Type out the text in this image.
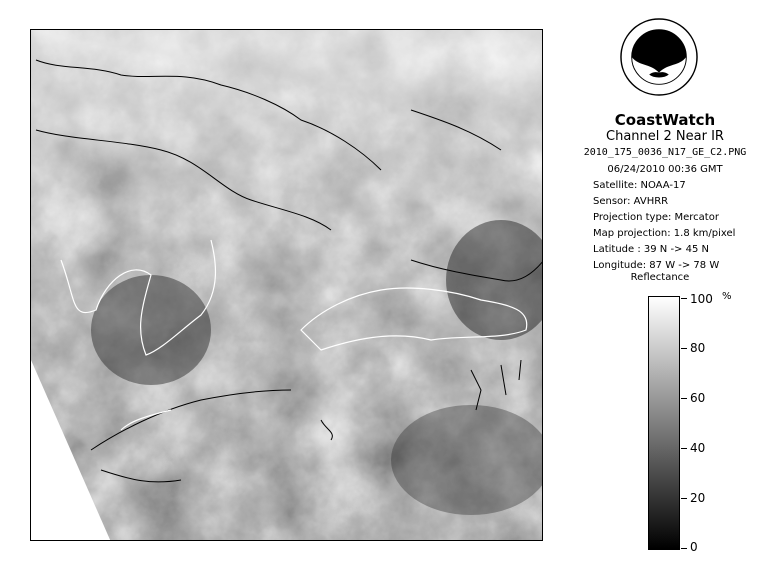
CoastWatch
Channel 2 Near IR
2010_175_0036_N17_GE_C2.PNG
06/24/2010 00:36 GMT
Satellite: NOAA-17
Sensor: AVHRR
Projection type: Mercator
Map projection: 1.8 km/pixel
Latitude : 39 N -> 45 N
Longitude: 87 W -> 78 W
Reflectance
%
100
80
60
40
20
0
